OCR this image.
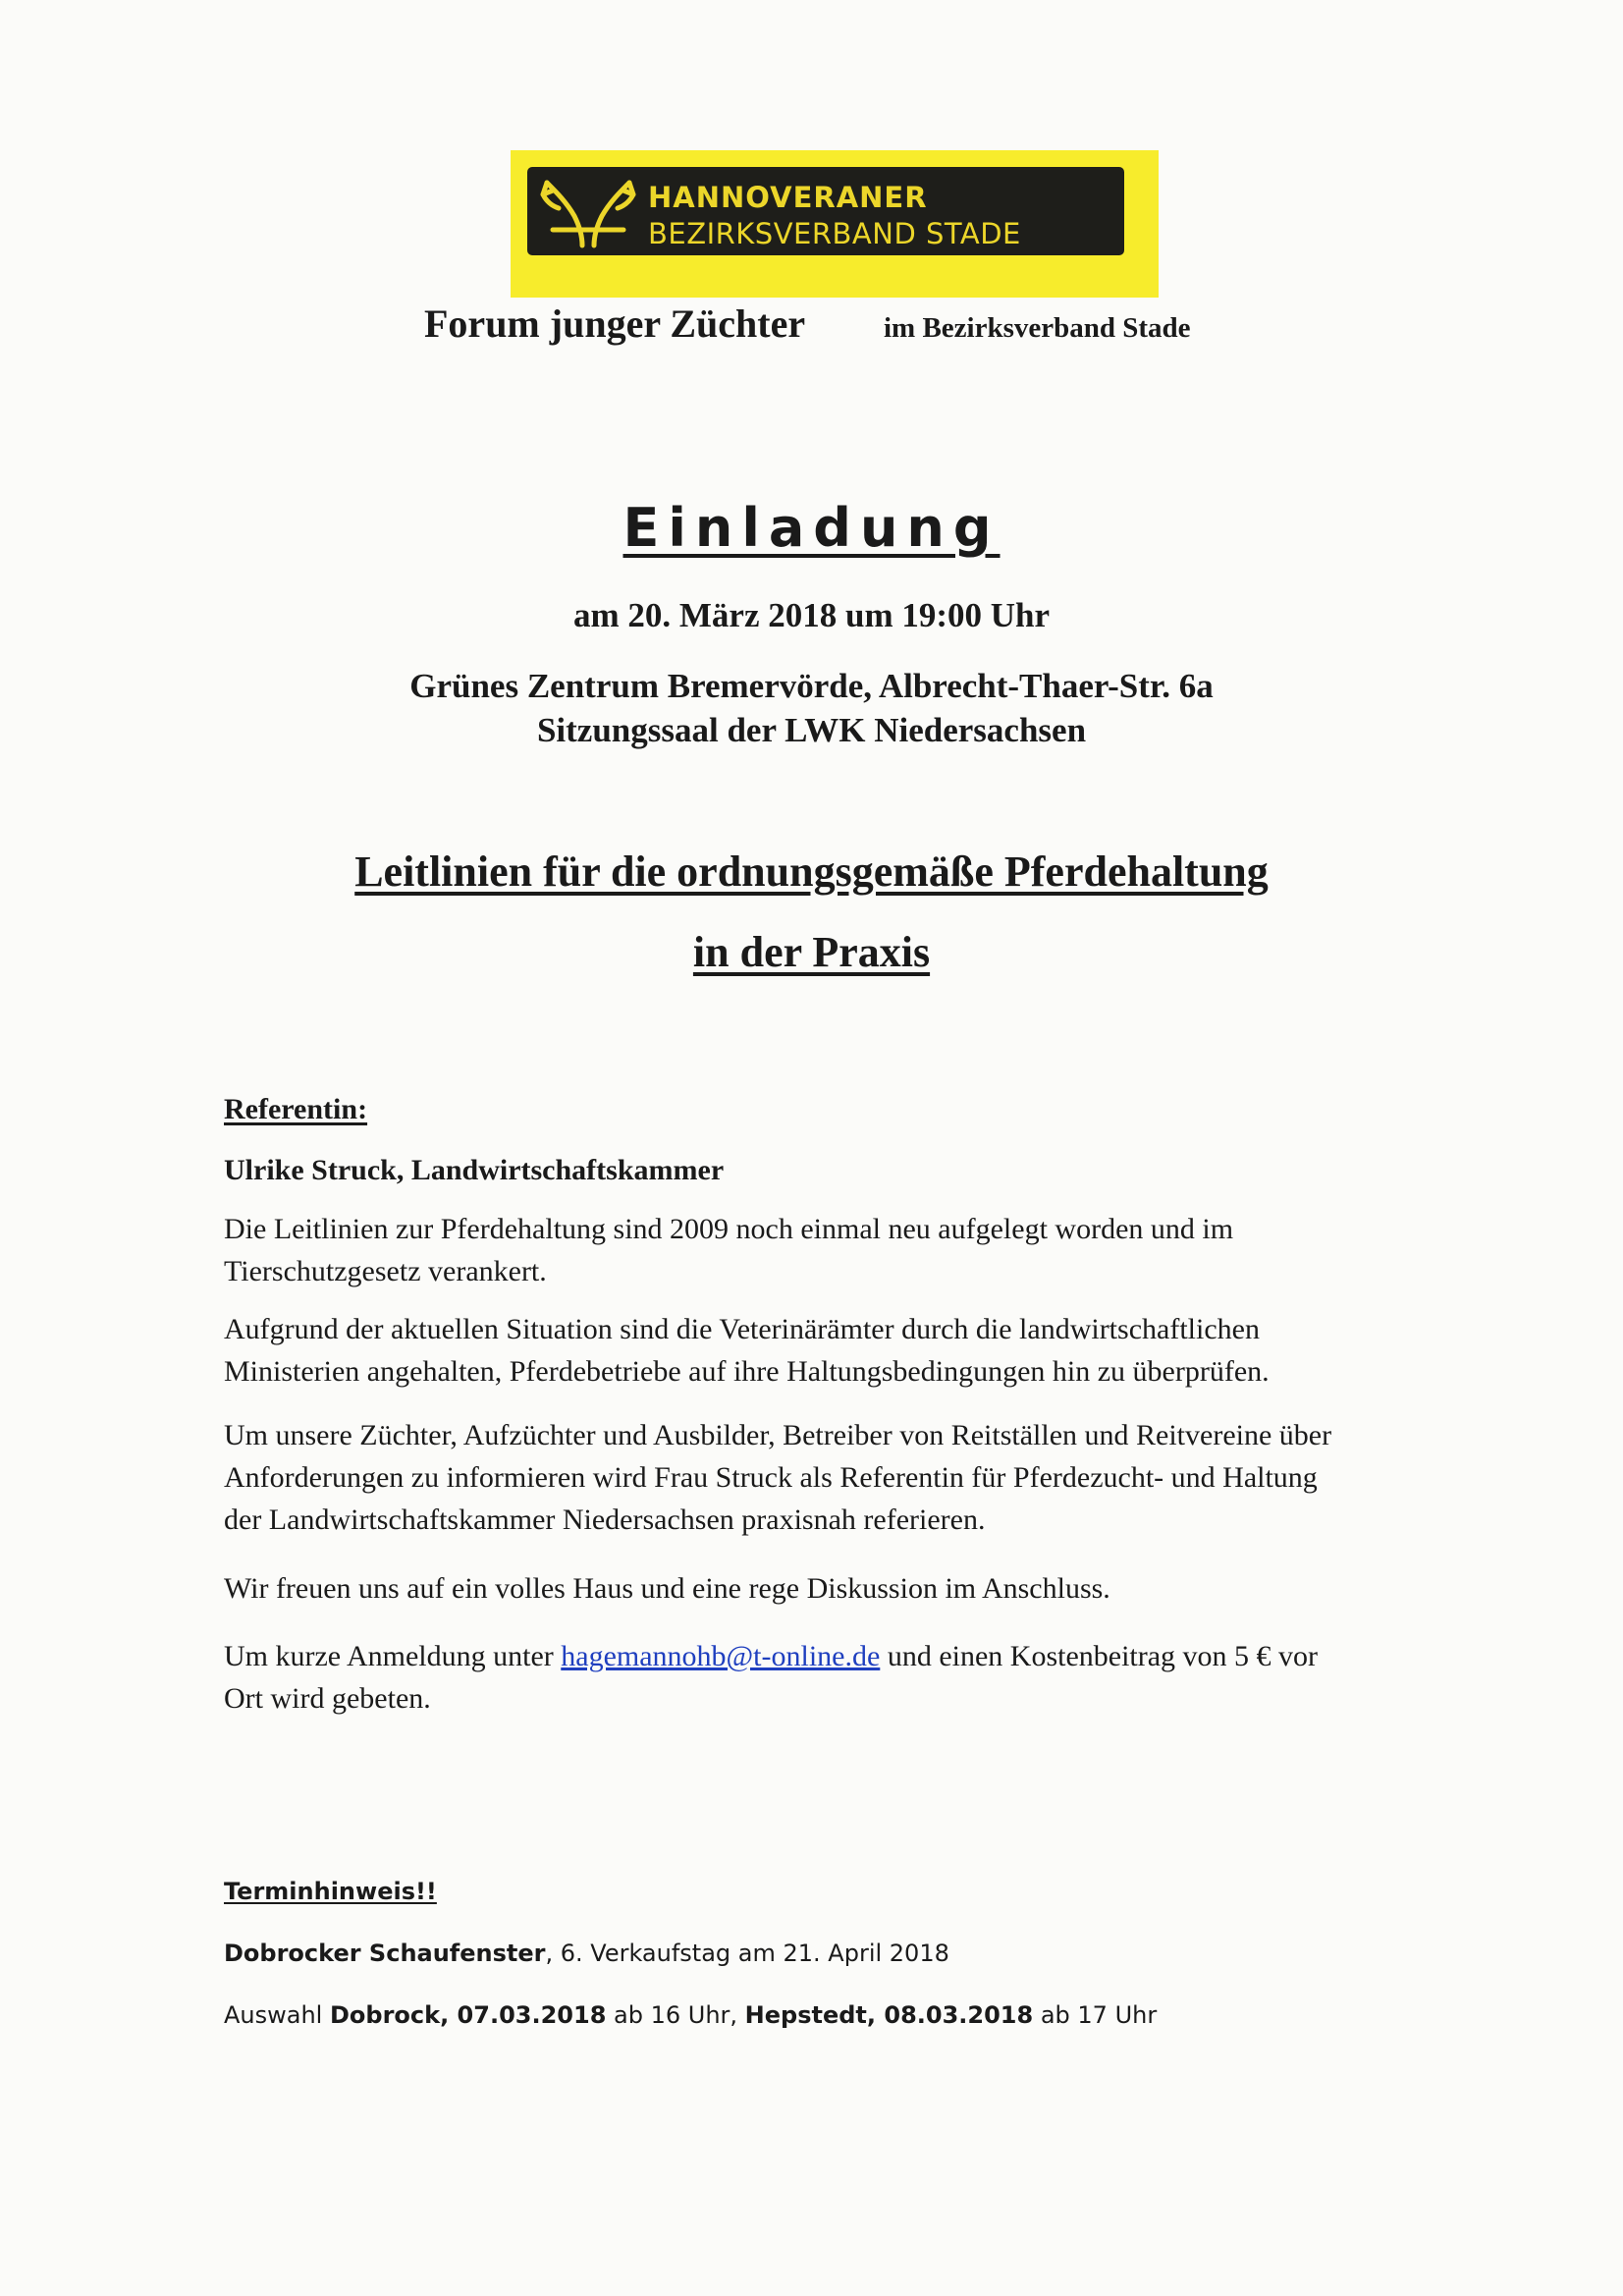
HANNOVERANER
BEZIRKSVERBAND STADE
Forum junger Züchter	im Bezirksverband Stade
Einladung
am 20. März 2018 um 19:00 Uhr
Grünes Zentrum Bremervörde, Albrecht-Thaer-Str. 6a
Sitzungssaal der LWK Niedersachsen
Leitlinien für die ordnungsgemäße Pferdehaltung
in der Praxis
Referentin:
Ulrike Struck, Landwirtschaftskammer

Die Leitlinien zur Pferdehaltung sind 2009 noch einmal neu aufgelegt worden und im

Tierschutzgesetz verankert.

Aufgrund der aktuellen Situation sind die Veterinärämter durch die landwirtschaftlichen

Ministerien angehalten, Pferdebetriebe auf ihre Haltungsbedingungen hin zu überprüfen.

Um unsere Züchter, Aufzüchter und Ausbilder, Betreiber von Reitställen und Reitvereine über

Anforderungen zu informieren wird Frau Struck als Referentin für Pferdezucht- und Haltung

der Landwirtschaftskammer Niedersachsen praxisnah referieren.

Wir freuen uns auf ein volles Haus und eine rege Diskussion im Anschluss.

Um kurze Anmeldung unter hagemannohb@t-online.de und einen Kostenbeitrag von 5 € vor

Ort wird gebeten.

Terminhinweis!!
Dobrocker Schaufenster, 6. Verkaufstag am 21. April 2018
Auswahl Dobrock, 07.03.2018 ab 16 Uhr, Hepstedt, 08.03.2018 ab 17 Uhr
